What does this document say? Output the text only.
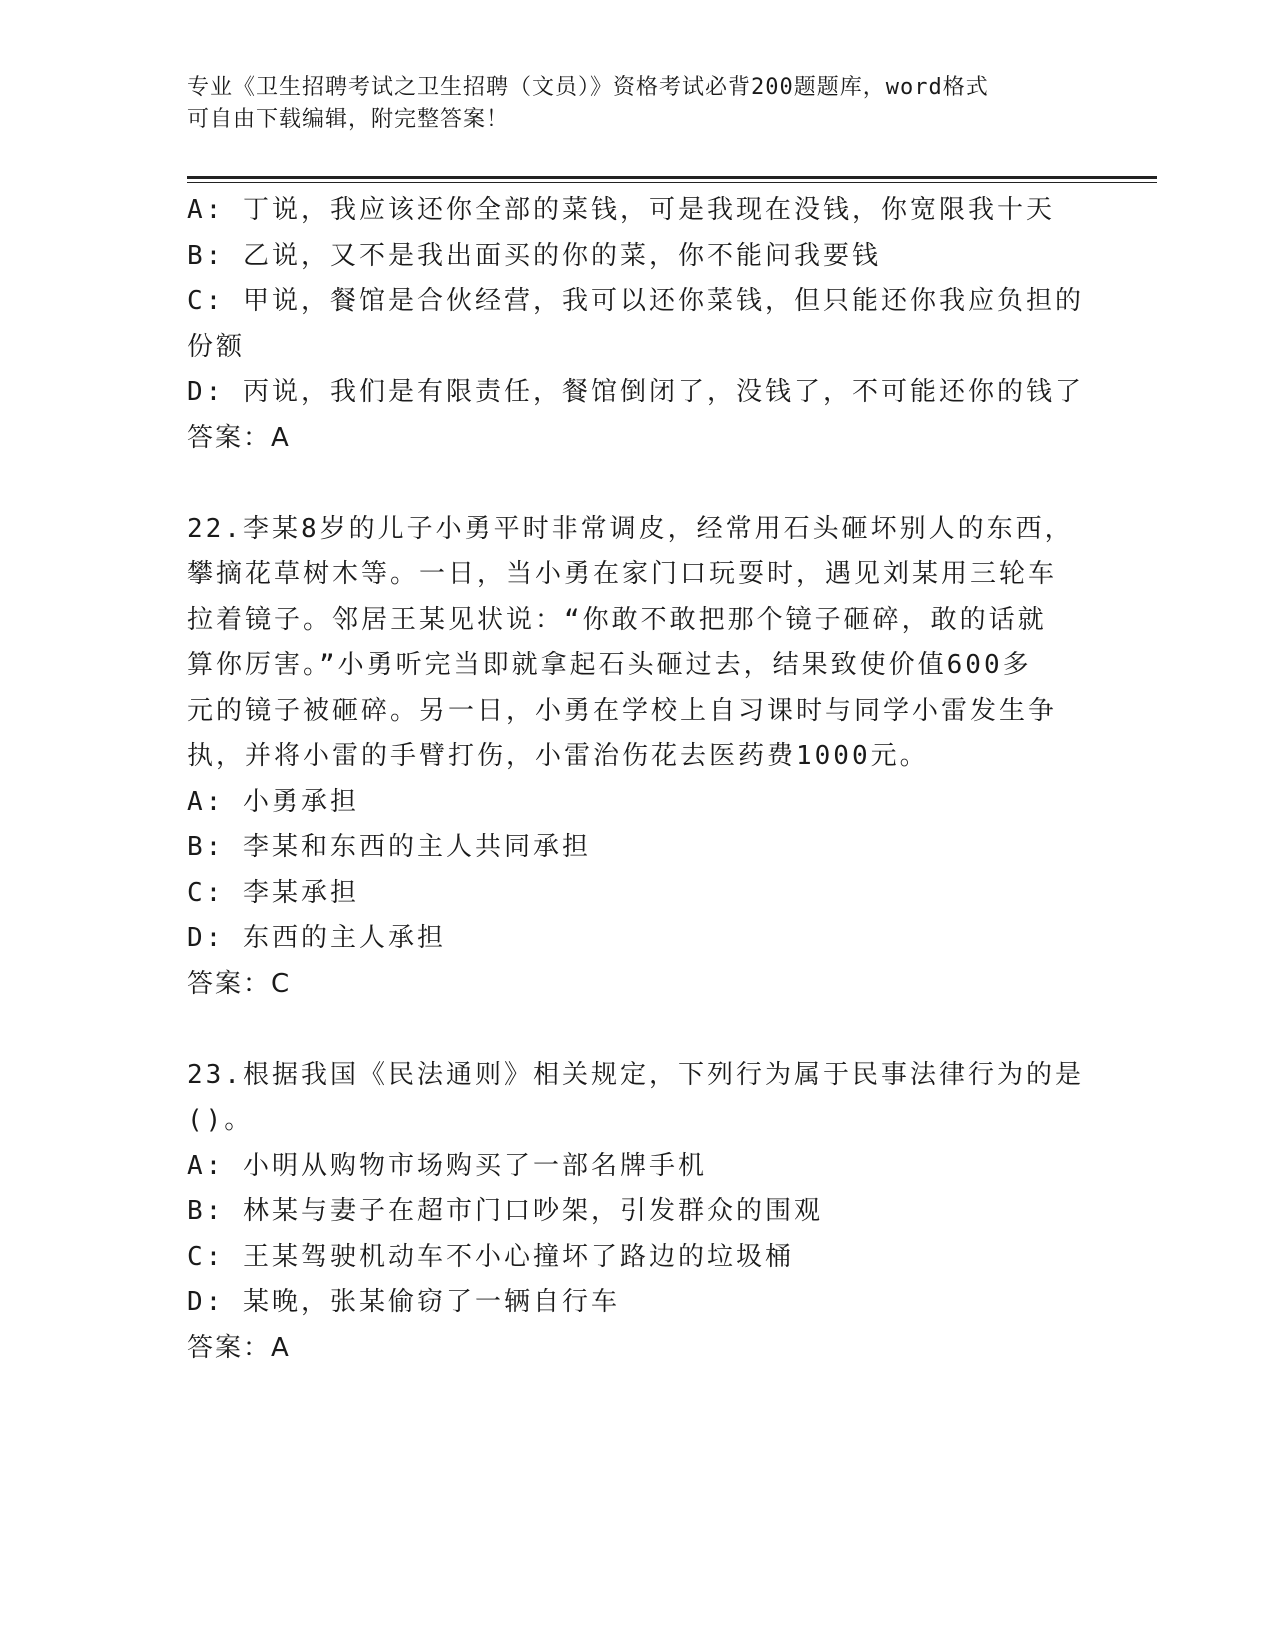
专业《卫生招聘考试之卫生招聘（文员）》资格考试必背200题题库，word格式
可自由下载编辑，附完整答案！
A: 丁说，我应该还你全部的菜钱，可是我现在没钱，你宽限我十天
B: 乙说，又不是我出面买的你的菜，你不能问我要钱
C: 甲说，餐馆是合伙经营，我可以还你菜钱，但只能还你我应负担的
份额
D: 丙说，我们是有限责任，餐馆倒闭了，没钱了，不可能还你的钱了
答案：A
22.李某8岁的儿子小勇平时非常调皮，经常用石头砸坏别人的东西，
攀摘花草树木等。一日，当小勇在家门口玩耍时，遇见刘某用三轮车
拉着镜子。邻居王某见状说：“你敢不敢把那个镜子砸碎，敢的话就
算你厉害。”小勇听完当即就拿起石头砸过去，结果致使价值600多
元的镜子被砸碎。另一日，小勇在学校上自习课时与同学小雷发生争
执，并将小雷的手臂打伤，小雷治伤花去医药费1000元。
A: 小勇承担
B: 李某和东西的主人共同承担
C: 李某承担
D: 东西的主人承担
答案：C
23.根据我国《民法通则》相关规定，下列行为属于民事法律行为的是
()。
A: 小明从购物市场购买了一部名牌手机
B: 林某与妻子在超市门口吵架，引发群众的围观
C: 王某驾驶机动车不小心撞坏了路边的垃圾桶
D: 某晚，张某偷窃了一辆自行车
答案：A
